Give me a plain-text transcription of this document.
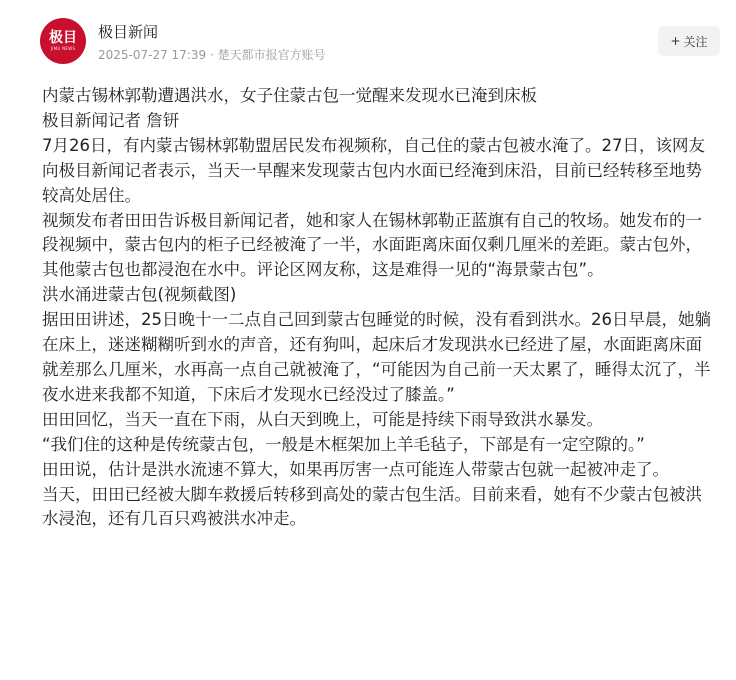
极目
JIMU NEWS
极目新闻
2025-07-27 17:39 · 楚天都市报官方账号
+ 关注

内蒙古锡林郭勒遭遇洪水，女子住蒙古包一觉醒来发现水已淹到床板

极目新闻记者 詹钘

7月26日，有内蒙古锡林郭勒盟居民发布视频称，自己住的蒙古包被水淹了。27日，该网友向极目新闻记者表示，当天一早醒来发现蒙古包内水面已经淹到床沿，目前已经转移至地势较高处居住。

视频发布者田田告诉极目新闻记者，她和家人在锡林郭勒正蓝旗有自己的牧场。她发布的一段视频中，蒙古包内的柜子已经被淹了一半，水面距离床面仅剩几厘米的差距。蒙古包外，其他蒙古包也都浸泡在水中。评论区网友称，这是难得一见的“海景蒙古包”。

洪水涌进蒙古包(视频截图)

据田田讲述，25日晚十一二点自己回到蒙古包睡觉的时候，没有看到洪水。26日早晨，她躺在床上，迷迷糊糊听到水的声音，还有狗叫，起床后才发现洪水已经进了屋，水面距离床面就差那么几厘米，水再高一点自己就被淹了，“可能因为自己前一天太累了，睡得太沉了，半夜水进来我都不知道，下床后才发现水已经没过了膝盖。”

田田回忆，当天一直在下雨，从白天到晚上，可能是持续下雨导致洪水暴发。

“我们住的这种是传统蒙古包，一般是木框架加上羊毛毡子，下部是有一定空隙的。”

田田说，估计是洪水流速不算大，如果再厉害一点可能连人带蒙古包就一起被冲走了。

当天，田田已经被大脚车救援后转移到高处的蒙古包生活。目前来看，她有不少蒙古包被洪水浸泡，还有几百只鸡被洪水冲走。
